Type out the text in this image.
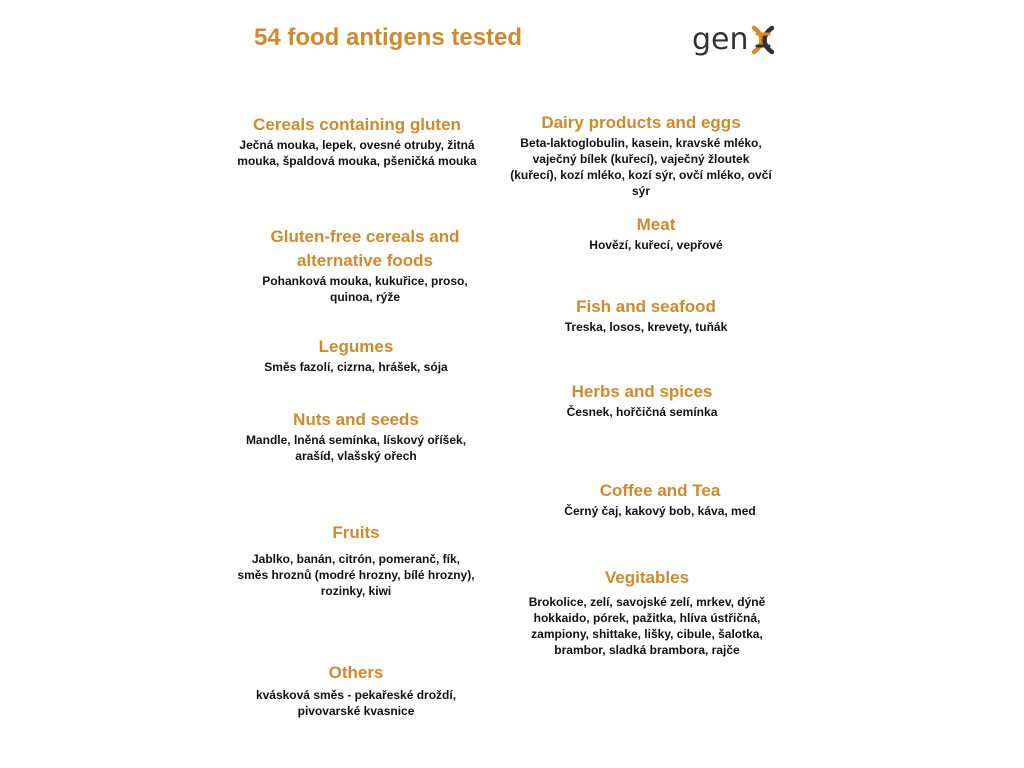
54 food antigens tested	gen
Cereals containing gluten
Ječná mouka, lepek, ovesné otruby, žitná mouka, špaldová mouka, pšeničká mouka
Gluten-free cereals and alternative foods
Pohanková mouka, kukuřice, proso, quinoa, rýže
Legumes
Směs fazolí, cizrna, hrášek, sója
Nuts and seeds
Mandle, lněná semínka, lískový oříšek, arašíd, vlašský ořech
Fruits
Jablko, banán, citrón, pomeranč, fík, směs hroznů (modré hrozny, bílé hrozny), rozinky, kiwi
Others
kvásková směs - pekařeské droždí, pivovarské kvasnice
Dairy products and eggs
Beta-laktoglobulin, kasein, kravské mléko, vaječný bílek (kuřecí), vaječný žloutek (kuřecí), kozí mléko, kozí sýr, ovčí mléko, ovčí sýr
Meat
Hovězí, kuřecí, vepřové
Fish and seafood
Treska, losos, krevety, tuňák
Herbs and spices
Česnek, hořčičná semínka
Coffee and Tea
Černý čaj, kakový bob, káva, med
Vegitables
Brokolice, zelí, savojské zelí, mrkev, dýně hokkaido, pórek, pažitka, hlíva ústřičná, zampiony, shittake, lišky, cibule, šalotka, brambor, sladká brambora, rajče
